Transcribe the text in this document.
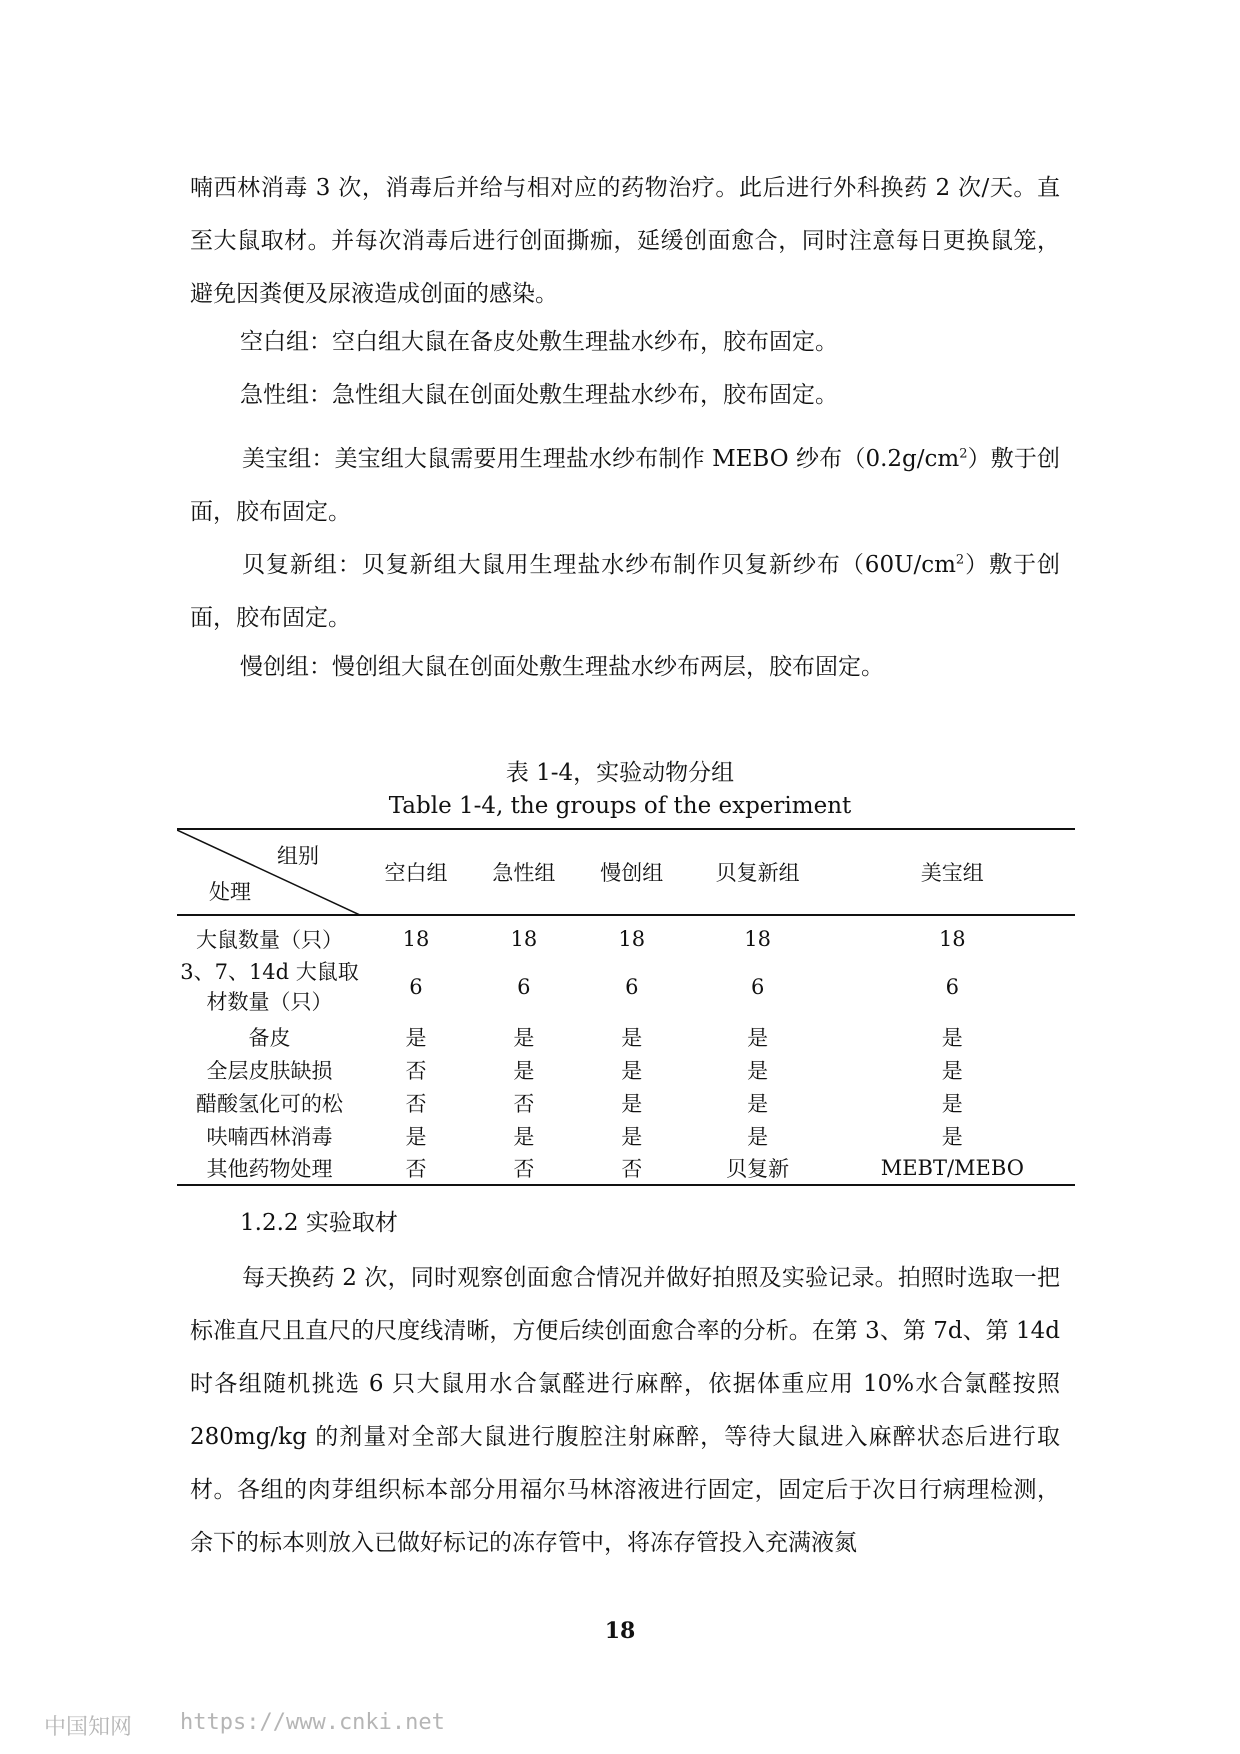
喃西林消毒 3 次，消毒后并给与相对应的药物治疗。此后进行外科换药 2 次/天。直至大鼠取材。并每次消毒后进行创面撕痂，延缓创面愈合，同时注意每日更换鼠笼，避免因粪便及尿液造成创面的感染。

空白组：空白组大鼠在备皮处敷生理盐水纱布，胶布固定。

急性组：急性组大鼠在创面处敷生理盐水纱布，胶布固定。

美宝组：美宝组大鼠需要用生理盐水纱布制作 MEBO 纱布$(0.2g/cm^2)$敷于创面，胶布固定。

贝复新组：贝复新组大鼠用生理盐水纱布制作贝复新纱布$(60U/cm^2)$敷于创面，胶布固定。

慢创组：慢创组大鼠在创面处敷生理盐水纱布两层，胶布固定。

表 1-4，实验动物分组

Table 1-4, the groups of the experiment

组别
处理	空白组	急性组	慢创组	贝复新组	美宝组
大鼠数量（只）	18	18	18	18	18

3、7、14d 大鼠取
材数量（只）	6	6	6	6	6
备皮	是	是	是	是	是
全层皮肤缺损	否	是	是	是	是
醋酸氢化可的松	否	否	是	是	是
呋喃西林消毒	是	是	是	是	是
其他药物处理	否	否	否	贝复新	MEBT/MEBO

1.2.2 实验取材

每天换药 2 次，同时观察创面愈合情况并做好拍照及实验记录。拍照时选取一把标准直尺且直尺的尺度线清晰，方便后续创面愈合率的分析。在第 3、第 7d、第 14d 时各组随机挑选 6 只大鼠用水合氯醛进行麻醉，依据体重应用 10%水合氯醛按照 280mg/kg 的剂量对全部大鼠进行腹腔注射麻醉，等待大鼠进入麻醉状态后进行取材。各组的肉芽组织标本部分用福尔马林溶液进行固定，固定后于次日行病理检测，余下的标本则放入已做好标记的冻存管中，将冻存管投入充满液氮

18

中国知网 https://www.cnki.net
